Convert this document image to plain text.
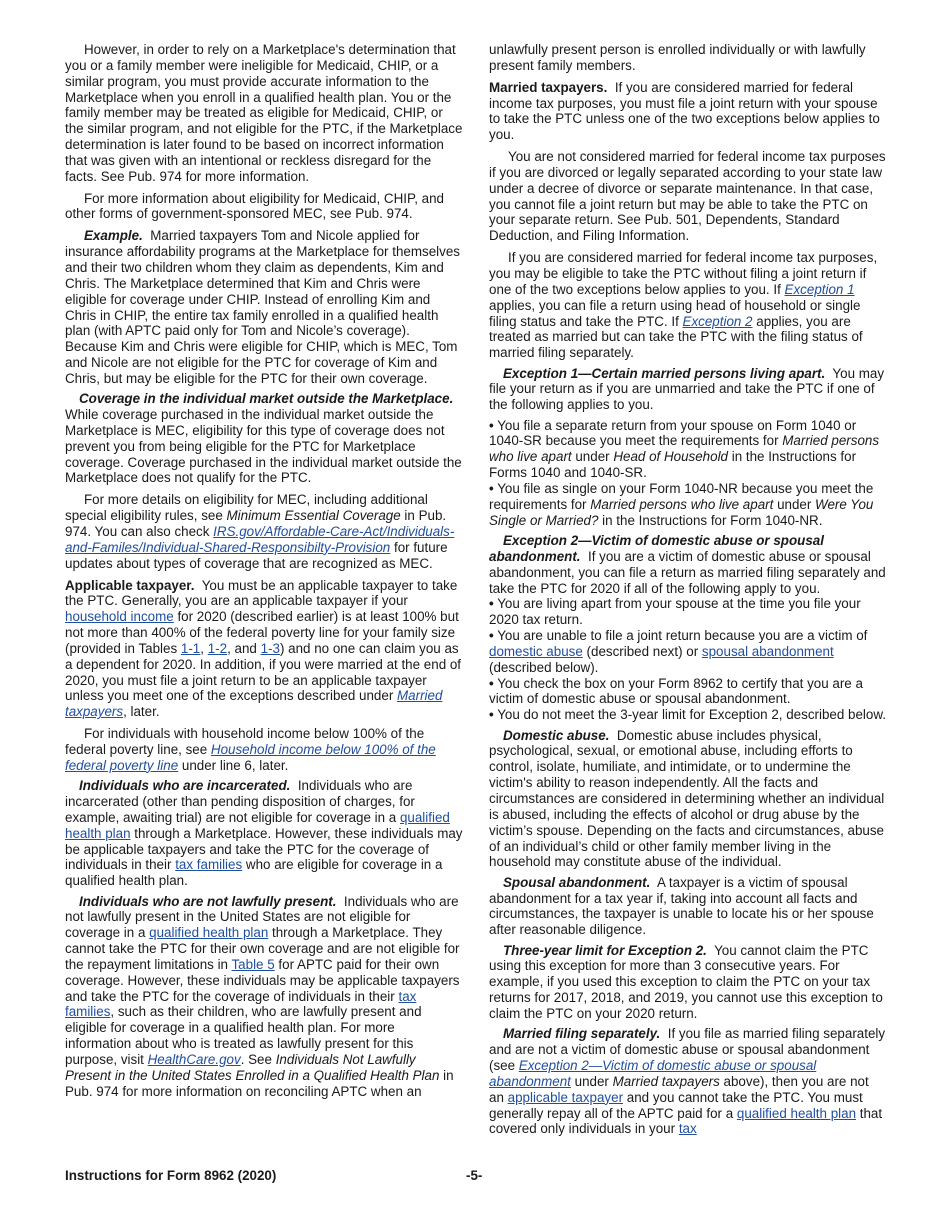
However, in order to rely on a Marketplace's determination that you or a family member were ineligible for Medicaid, CHIP, or a similar program, you must provide accurate information to the Marketplace when you enroll in a qualified health plan. You or the family member may be treated as eligible for Medicaid, CHIP, or the similar program, and not eligible for the PTC, if the Marketplace determination is later found to be based on incorrect information that was given with an intentional or reckless disregard for the facts. See Pub. 974 for more information.

For more information about eligibility for Medicaid, CHIP, and other forms of government-sponsored MEC, see Pub. 974.

Example. Married taxpayers Tom and Nicole applied for insurance affordability programs at the Marketplace for themselves and their two children whom they claim as dependents, Kim and Chris. The Marketplace determined that Kim and Chris were eligible for coverage under CHIP. Instead of enrolling Kim and Chris in CHIP, the entire tax family enrolled in a qualified health plan (with APTC paid only for Tom and Nicole’s coverage). Because Kim and Chris were eligible for CHIP, which is MEC, Tom and Nicole are not eligible for the PTC for coverage of Kim and Chris, but may be eligible for the PTC for their own coverage.

Coverage in the individual market outside the Marketplace.  While coverage purchased in the individual market outside the Marketplace is MEC, eligibility for this type of coverage does not prevent you from being eligible for the PTC for Marketplace coverage. Coverage purchased in the individual market outside the Marketplace does not qualify for the PTC.

For more details on eligibility for MEC, including additional special eligibility rules, see Minimum Essential Coverage in Pub. 974. You can also check IRS.gov/Affordable-Care-Act/Individuals-and-Familes/Individual-Shared-Responsibilty-Provision for future updates about types of coverage that are recognized as MEC.

Applicable taxpayer. You must be an applicable taxpayer to take the PTC. Generally, you are an applicable taxpayer if your household income for 2020 (described earlier) is at least 100% but not more than 400% of the federal poverty line for your family size (provided in Tables 1-1, 1-2, and 1-3) and no one can claim you as a dependent for 2020. In addition, if you were married at the end of 2020, you must file a joint return to be an applicable taxpayer unless you meet one of the exceptions described under Married taxpayers, later.

For individuals with household income below 100% of the federal poverty line, see Household income below 100% of the federal poverty line under line 6, later.

Individuals who are incarcerated. Individuals who are incarcerated (other than pending disposition of charges, for example, awaiting trial) are not eligible for coverage in a qualified health plan through a Marketplace. However, these individuals may be applicable taxpayers and take the PTC for the coverage of individuals in their tax families who are eligible for coverage in a qualified health plan.

Individuals who are not lawfully present. Individuals who are not lawfully present in the United States are not eligible for coverage in a qualified health plan through a Marketplace. They cannot take the PTC for their own coverage and are not eligible for the repayment limitations in Table 5 for APTC paid for their own coverage. However, these individuals may be applicable taxpayers and take the PTC for the coverage of individuals in their tax families, such as their children, who are lawfully present and eligible for coverage in a qualified health plan. For more information about who is treated as lawfully present for this purpose, visit HealthCare.gov. See Individuals Not Lawfully Present in the United States Enrolled in a Qualified Health Plan in Pub. 974 for more information on reconciling APTC when an

unlawfully present person is enrolled individually or with lawfully present family members.

Married taxpayers. If you are considered married for federal income tax purposes, you must file a joint return with your spouse to take the PTC unless one of the two exceptions below applies to you.

You are not considered married for federal income tax purposes if you are divorced or legally separated according to your state law under a decree of divorce or separate maintenance. In that case, you cannot file a joint return but may be able to take the PTC on your separate return. See Pub. 501, Dependents, Standard Deduction, and Filing Information.

If you are considered married for federal income tax purposes, you may be eligible to take the PTC without filing a joint return if one of the two exceptions below applies to you. If Exception 1 applies, you can file a return using head of household or single filing status and take the PTC. If Exception 2 applies, you are treated as married but can take the PTC with the filing status of married filing separately.

Exception 1—Certain married persons living apart. You may file your return as if you are unmarried and take the PTC if one of the following applies to you.

• You file a separate return from your spouse on Form 1040 or 1040-SR because you meet the requirements for Married persons who live apart under Head of Household in the Instructions for Forms 1040 and 1040-SR.

• You file as single on your Form 1040-NR because you meet the requirements for Married persons who live apart under Were You Single or Married? in the Instructions for Form 1040-NR.

Exception 2—Victim of domestic abuse or spousal abandonment. If you are a victim of domestic abuse or spousal abandonment, you can file a return as married filing separately and take the PTC for 2020 if all of the following apply to you.

• You are living apart from your spouse at the time you file your 2020 tax return.

• You are unable to file a joint return because you are a victim of domestic abuse (described next) or spousal abandonment (described below).

• You check the box on your Form 8962 to certify that you are a victim of domestic abuse or spousal abandonment.

• You do not meet the 3-year limit for Exception 2, described below.

Domestic abuse. Domestic abuse includes physical, psychological, sexual, or emotional abuse, including efforts to control, isolate, humiliate, and intimidate, or to undermine the victim's ability to reason independently. All the facts and circumstances are considered in determining whether an individual is abused, including the effects of alcohol or drug abuse by the victim’s spouse. Depending on the facts and circumstances, abuse of an individual’s child or other family member living in the household may constitute abuse of the individual.

Spousal abandonment. A taxpayer is a victim of spousal abandonment for a tax year if, taking into account all facts and circumstances, the taxpayer is unable to locate his or her spouse after reasonable diligence.

Three-year limit for Exception 2. You cannot claim the PTC using this exception for more than 3 consecutive years. For example, if you used this exception to claim the PTC on your tax returns for 2017, 2018, and 2019, you cannot use this exception to claim the PTC on your 2020 return.

Married filing separately. If you file as married filing separately and are not a victim of domestic abuse or spousal abandonment (see Exception 2—Victim of domestic abuse or spousal abandonment under Married taxpayers above), then you are not an applicable taxpayer and you cannot take the PTC. You must generally repay all of the APTC paid for a qualified health plan that covered only individuals in your tax

Instructions for Form 8962 (2020)	-5-
